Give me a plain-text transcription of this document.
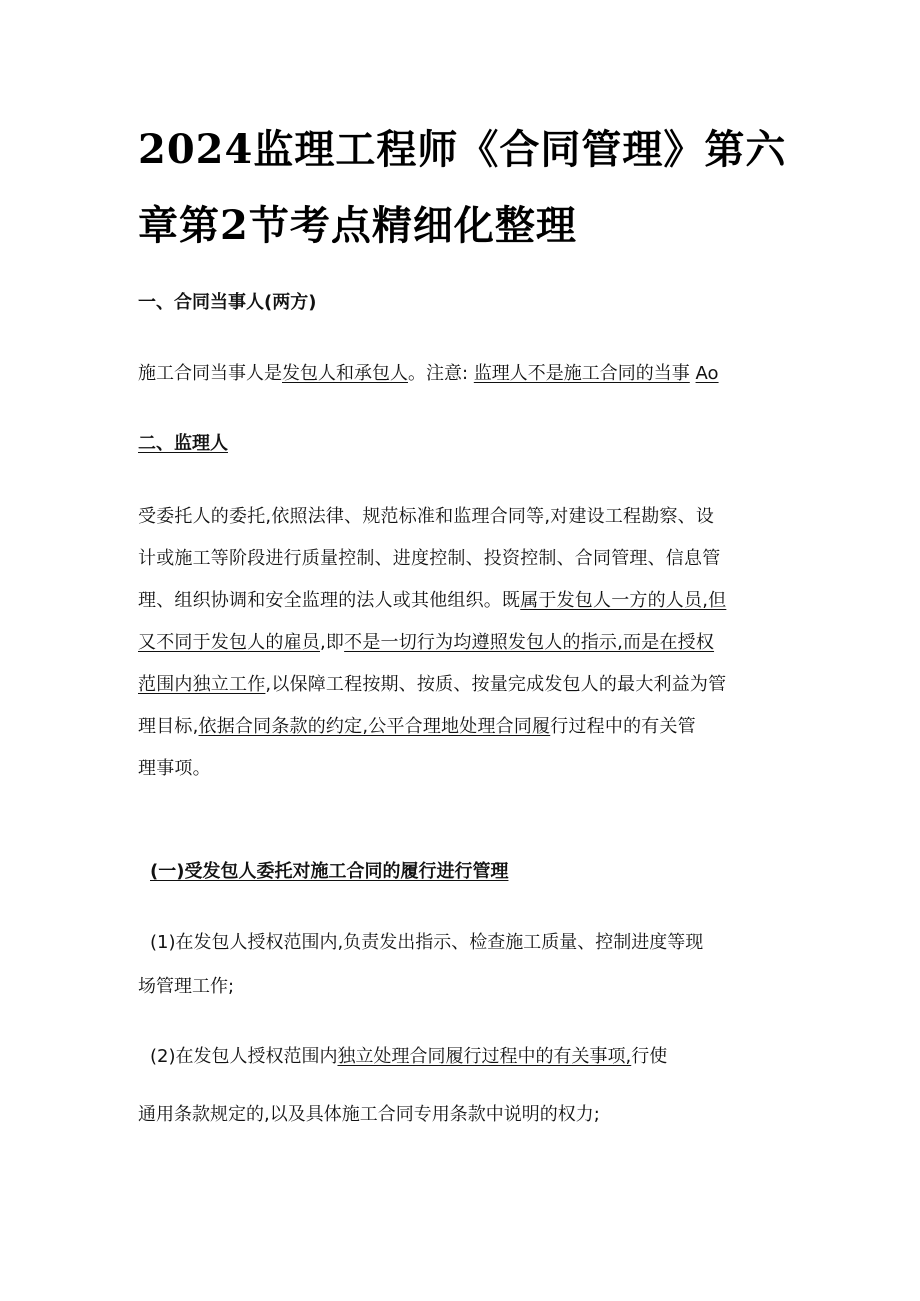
2024监理工程师《合同管理》第六
章第2节考点精细化整理
一、合同当事人(两方)

施工合同当事人是发包人和承包人。注意: 监理人不是施工合同的当事 Ao

二、监理人
受委托人的委托,依照法律、规范标准和监理合同等,对建设工程勘察、设
计或施工等阶段进行质量控制、进度控制、投资控制、合同管理、信息管
理、组织协调和安全监理的法人或其他组织。既属于发包人一方的人员,但
又不同于发包人的雇员,即不是一切行为均遵照发包人的指示,而是在授权
范围内独立工作,以保障工程按期、按质、按量完成发包人的最大利益为管
理目标,依据合同条款的约定,公平合理地处理合同履行过程中的有关管
理事项。
(一)受发包人委托对施工合同的履行进行管理

(1)在发包人授权范围内,负责发出指示、检查施工质量、控制进度等现

场管理工作;

(2)在发包人授权范围内独立处理合同履行过程中的有关事项,行使

通用条款规定的,以及具体施工合同专用条款中说明的权力;
